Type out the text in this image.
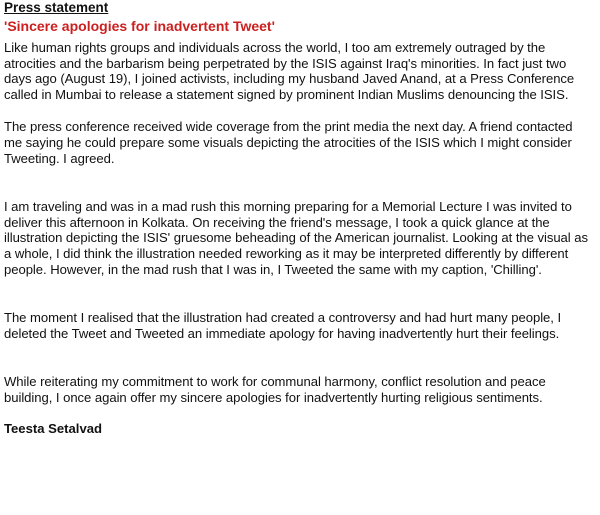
Press statement

'Sincere apologies for inadvertent Tweet'

Like human rights groups and individuals across the world, I too am extremely outraged by the atrocities and the barbarism being perpetrated by the ISIS against Iraq's minorities. In fact just two days ago (August 19), I joined activists, including my husband Javed Anand, at a Press Conference called in Mumbai to release a statement signed by prominent Indian Muslims denouncing the ISIS.

The press conference received wide coverage from the print media the next day. A friend contacted me saying he could prepare some visuals depicting the atrocities of the ISIS which I might consider Tweeting. I agreed.

I am traveling and was in a mad rush this morning preparing for a Memorial Lecture I was invited to deliver this afternoon in Kolkata. On receiving the friend's message, I took a quick glance at the illustration depicting the ISIS' gruesome beheading of the American journalist. Looking at the visual as a whole, I did think the illustration needed reworking as it may be interpreted differently by different people. However, in the mad rush that I was in, I Tweeted the same with my caption, 'Chilling'.

The moment I realised that the illustration had created a controversy and had hurt many people, I deleted the Tweet and Tweeted an immediate apology for having inadvertently hurt their feelings.

While reiterating my commitment to work for communal harmony, conflict resolution and peace building, I once again offer my sincere apologies for inadvertently hurting religious sentiments.

Teesta Setalvad
